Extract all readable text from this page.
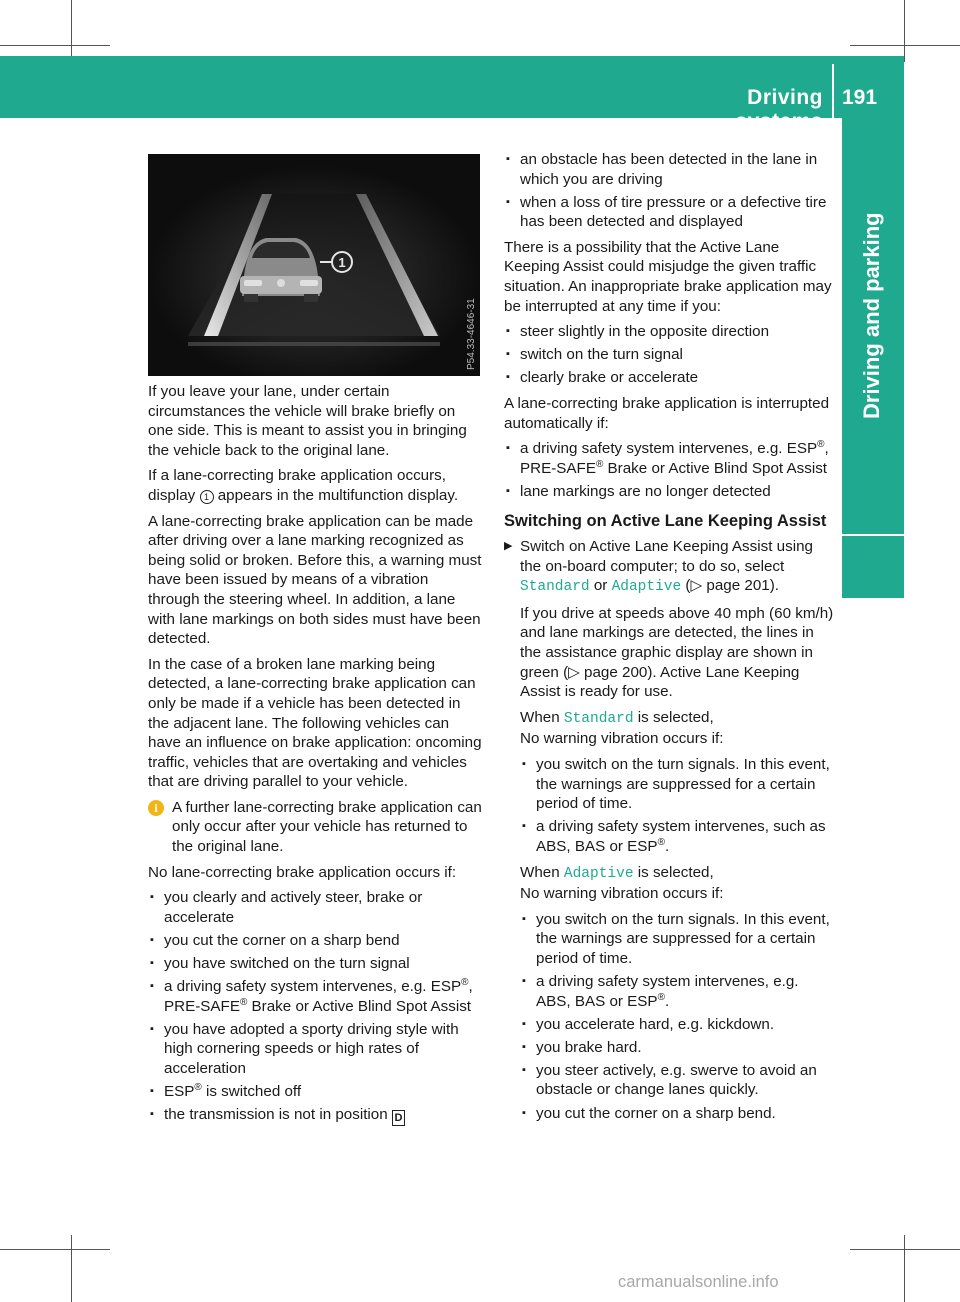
Driving systems
191
Driving and parking
1
P54.33-4646-31

If you leave your lane, under certain circumstances the vehicle will brake briefly on one side. This is meant to assist you in bringing the vehicle back to the original lane.

If a lane-correcting brake application occurs, display 1 appears in the multifunction display.

A lane-correcting brake application can be made after driving over a lane marking recognized as being solid or broken. Before this, a warning must have been issued by means of a vibration through the steering wheel. In addition, a lane with lane markings on both sides must have been detected.

In the case of a broken lane marking being detected, a lane-correcting brake application can only be made if a vehicle has been detected in the adjacent lane. The following vehicles can have an influence on brake application: oncoming traffic, vehicles that are overtaking and vehicles that are driving parallel to your vehicle.

i A further lane-correcting brake application can only occur after your vehicle has returned to the original lane.

No lane-correcting brake application occurs if:

▪ you clearly and actively steer, brake or accelerate
▪ you cut the corner on a sharp bend
▪ you have switched on the turn signal
▪ a driving safety system intervenes, e.g. ESP®, PRE-SAFE® Brake or Active Blind Spot Assist
▪ you have adopted a sporty driving style with high cornering speeds or high rates of acceleration
▪ ESP® is switched off
▪ the transmission is not in position D
▪ an obstacle has been detected in the lane in which you are driving
▪ when a loss of tire pressure or a defective tire has been detected and displayed

There is a possibility that the Active Lane Keeping Assist could misjudge the given traffic situation. An inappropriate brake application may be interrupted at any time if you:

▪ steer slightly in the opposite direction
▪ switch on the turn signal
▪ clearly brake or accelerate

A lane-correcting brake application is interrupted automatically if:

▪ a driving safety system intervenes, e.g. ESP®, PRE-SAFE® Brake or Active Blind Spot Assist
▪ lane markings are no longer detected
Switching on Active Lane Keeping Assist
▶ Switch on Active Lane Keeping Assist using the on-board computer; to do so, select Standard or Adaptive (▷ page 201).

If you drive at speeds above 40 mph (60 km/h) and lane markings are detected, the lines in the assistance graphic display are shown in green (▷ page 200). Active Lane Keeping Assist is ready for use.

When Standard is selected,
No warning vibration occurs if:

▪ you switch on the turn signals. In this event, the warnings are suppressed for a certain period of time.
▪ a driving safety system intervenes, such as ABS, BAS or ESP®.

When Adaptive is selected,
No warning vibration occurs if:

▪ you switch on the turn signals. In this event, the warnings are suppressed for a certain period of time.
▪ a driving safety system intervenes, e.g. ABS, BAS or ESP®.
▪ you accelerate hard, e.g. kickdown.
▪ you brake hard.
▪ you steer actively, e.g. swerve to avoid an obstacle or change lanes quickly.
▪ you cut the corner on a sharp bend.
carmanualsonline.info
